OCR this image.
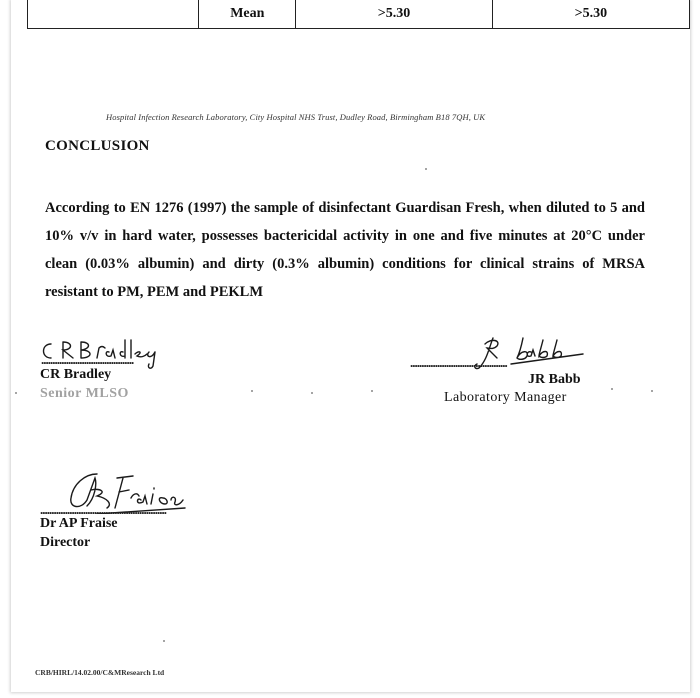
	Mean	>5.30	>5.30
Hospital Infection Research Laboratory, City Hospital NHS Trust, Dudley Road, Birmingham B18 7QH, UK
CONCLUSION
According to EN 1276 (1997) the sample of disinfectant Guardisan Fresh, when diluted to 5 and 10% v/v in hard water, possesses bactericidal activity in one and five minutes at 20°C under clean (0.03% albumin) and dirty (0.3% albumin) conditions for clinical strains of MRSA resistant to PM, PEM and PEKLM
.........................................
CR Bradley
Senior MLSO
...........................................
JR Babb
Laboratory Manager
........................................................
Dr AP Fraise
Director
CRB/HIRL/14.02.00/C&MResearch Ltd
